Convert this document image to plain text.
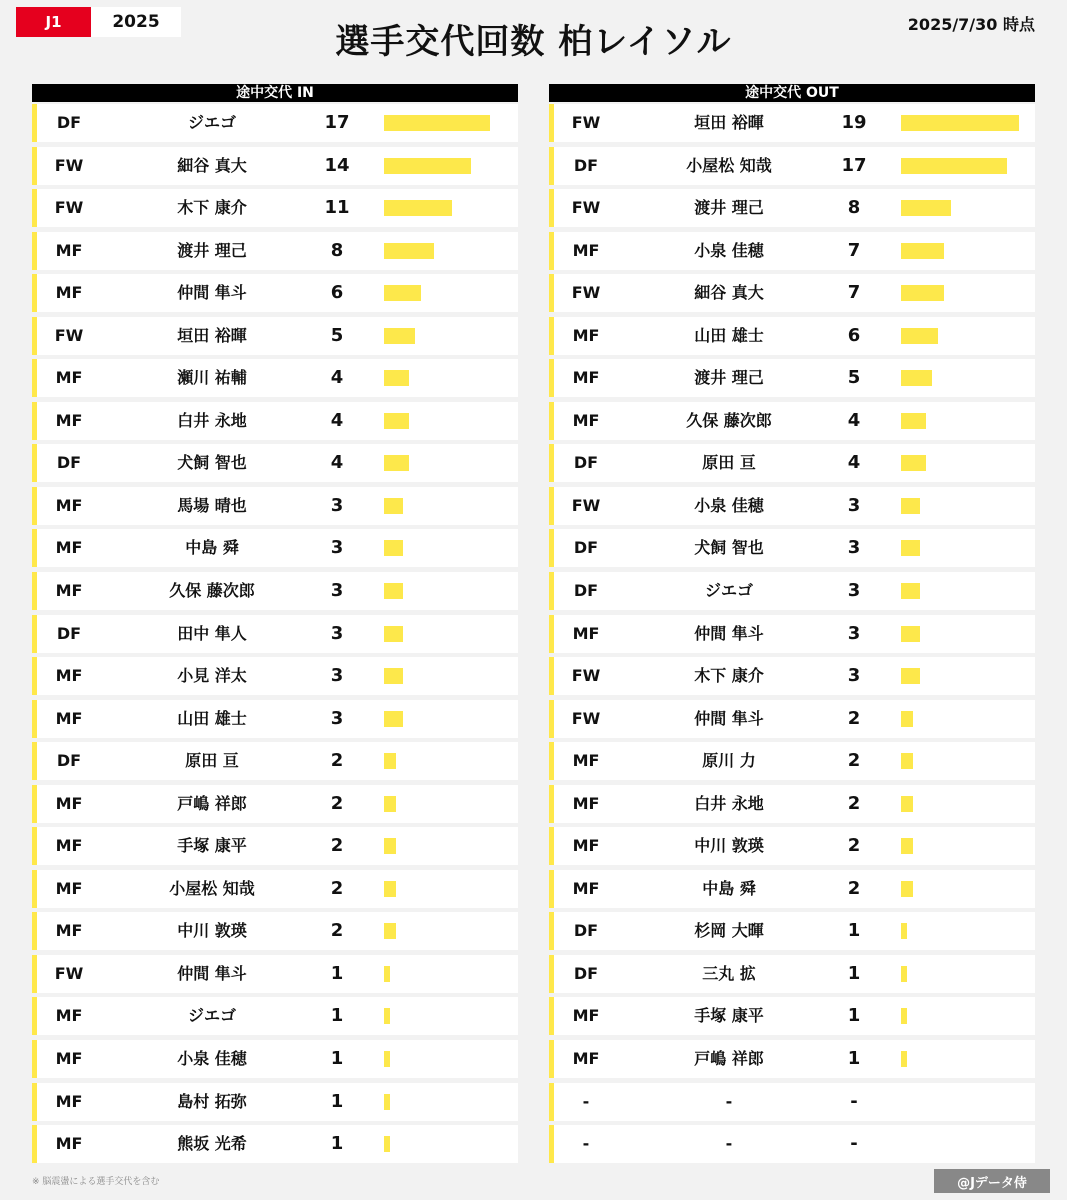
J1	2025	選手交代回数 柏レイソル	2025/7/30 時点
途中交代 IN
DF	ジエゴ	17
FW	細谷 真大	14
FW	木下 康介	11
MF	渡井 理己	8
MF	仲間 隼斗	6
FW	垣田 裕暉	5
MF	瀬川 祐輔	4
MF	白井 永地	4
DF	犬飼 智也	4
MF	馬場 晴也	3
MF	中島 舜	3
MF	久保 藤次郎	3
DF	田中 隼人	3
MF	小見 洋太	3
MF	山田 雄士	3
DF	原田 亘	2
MF	戸嶋 祥郎	2
MF	手塚 康平	2
MF	小屋松 知哉	2
MF	中川 敦瑛	2
FW	仲間 隼斗	1
MF	ジエゴ	1
MF	小泉 佳穂	1
MF	島村 拓弥	1
MF	熊坂 光希	1
途中交代 OUT
FW	垣田 裕暉	19
DF	小屋松 知哉	17
FW	渡井 理己	8
MF	小泉 佳穂	7
FW	細谷 真大	7
MF	山田 雄士	6
MF	渡井 理己	5
MF	久保 藤次郎	4
DF	原田 亘	4
FW	小泉 佳穂	3
DF	犬飼 智也	3
DF	ジエゴ	3
MF	仲間 隼斗	3
FW	木下 康介	3
FW	仲間 隼斗	2
MF	原川 力	2
MF	白井 永地	2
MF	中川 敦瑛	2
MF	中島 舜	2
DF	杉岡 大暉	1
DF	三丸 拡	1
MF	手塚 康平	1
MF	戸嶋 祥郎	1
-	-	-
-	-	-
※ 脳震盪による選手交代を含む	@Jデータ侍
